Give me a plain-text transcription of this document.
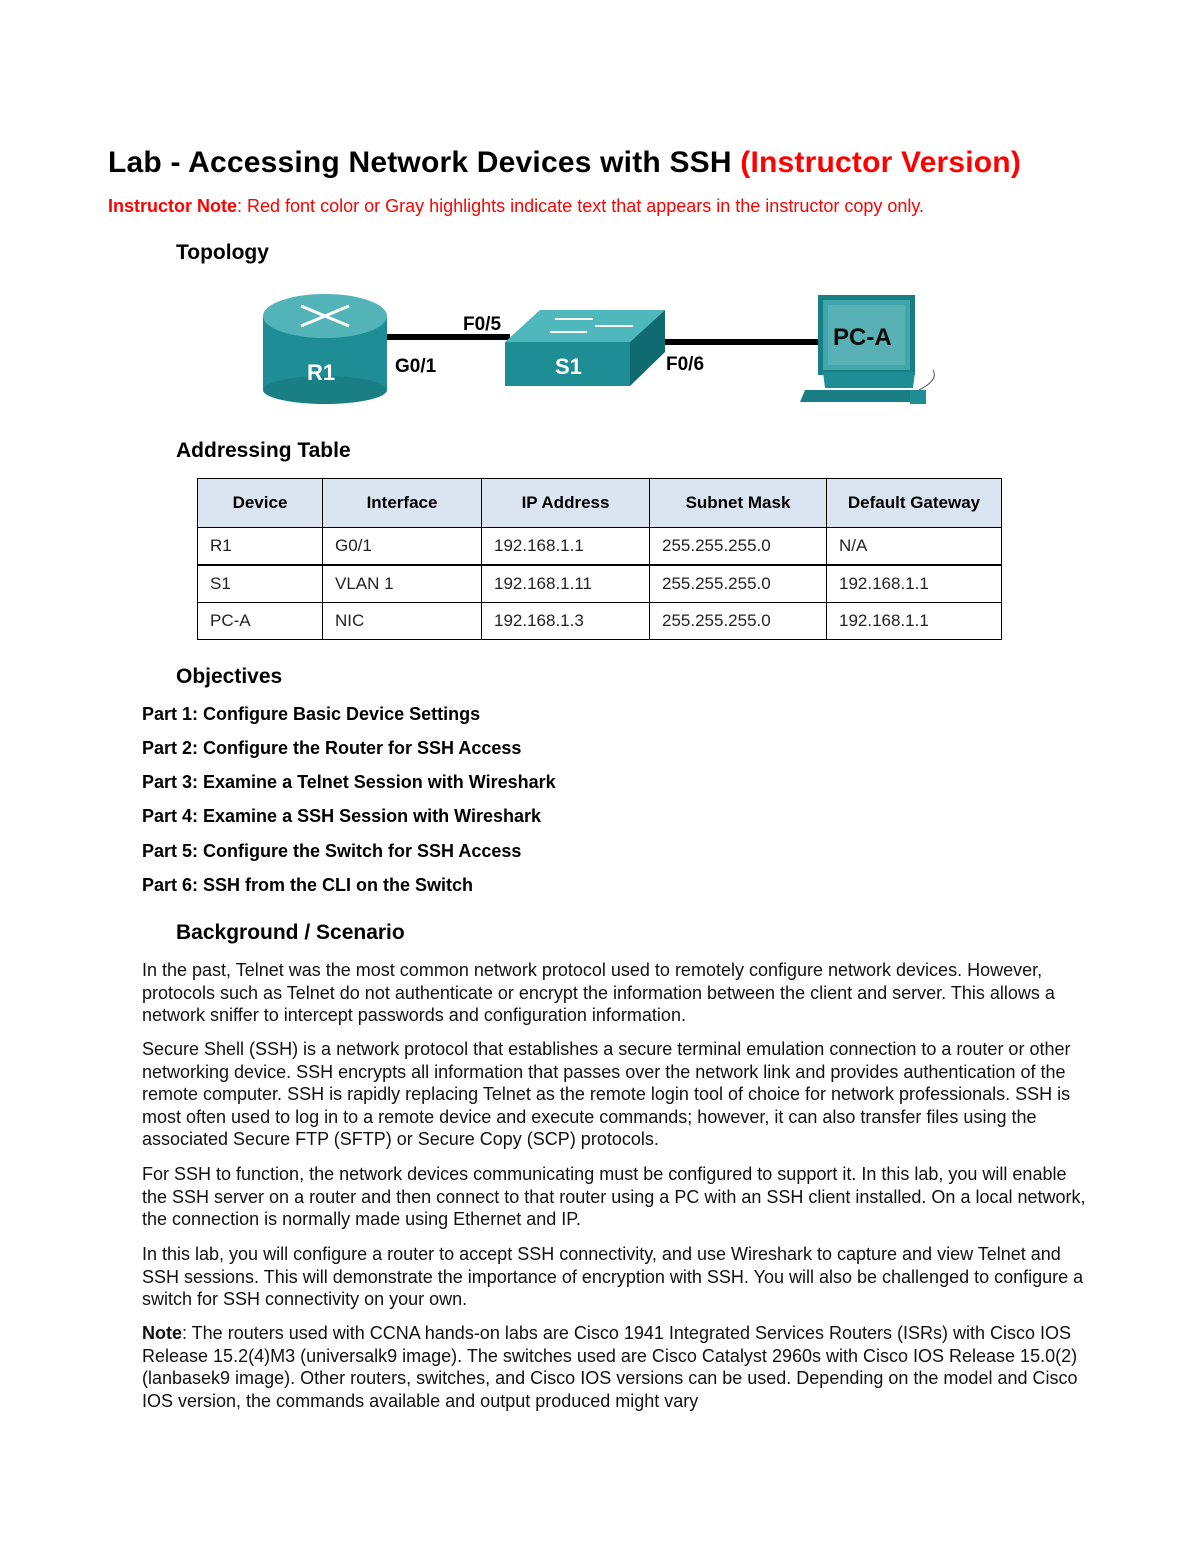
Lab - Accessing Network Devices with SSH (Instructor Version)

Instructor Note: Red font color or Gray highlights indicate text that appears in the instructor copy only.

Topology
R1	S1
PC-A
G0/1
F0/5
F0/6
Addressing Table
Device	Interface	IP Address	Subnet Mask	Default Gateway
R1	G0/1	192.168.1.1	255.255.255.0	N/A
S1	VLAN 1	192.168.1.11	255.255.255.0	192.168.1.1
PC-A	NIC	192.168.1.3	255.255.255.0	192.168.1.1
Objectives

Part 1: Configure Basic Device Settings

Part 2: Configure the Router for SSH Access

Part 3: Examine a Telnet Session with Wireshark

Part 4: Examine a SSH Session with Wireshark

Part 5: Configure the Switch for SSH Access

Part 6: SSH from the CLI on the Switch

Background / Scenario

In the past, Telnet was the most common network protocol used to remotely configure network devices. However, protocols such as Telnet do not authenticate or encrypt the information between the client and server. This allows a network sniffer to intercept passwords and configuration information.

Secure Shell (SSH) is a network protocol that establishes a secure terminal emulation connection to a router or other networking device. SSH encrypts all information that passes over the network link and provides authentication of the remote computer. SSH is rapidly replacing Telnet as the remote login tool of choice for network professionals. SSH is most often used to log in to a remote device and execute commands; however, it can also transfer files using the associated Secure FTP (SFTP) or Secure Copy (SCP) protocols.

For SSH to function, the network devices communicating must be configured to support it. In this lab, you will enable the SSH server on a router and then connect to that router using a PC with an SSH client installed. On a local network, the connection is normally made using Ethernet and IP.

In this lab, you will configure a router to accept SSH connectivity, and use Wireshark to capture and view Telnet and SSH sessions. This will demonstrate the importance of encryption with SSH. You will also be challenged to configure a switch for SSH connectivity on your own.

Note: The routers used with CCNA hands-on labs are Cisco 1941 Integrated Services Routers (ISRs) with Cisco IOS Release 15.2(4)M3 (universalk9 image). The switches used are Cisco Catalyst 2960s with Cisco IOS Release 15.0(2) (lanbasek9 image). Other routers, switches, and Cisco IOS versions can be used. Depending on the model and Cisco IOS version, the commands available and output produced might vary
